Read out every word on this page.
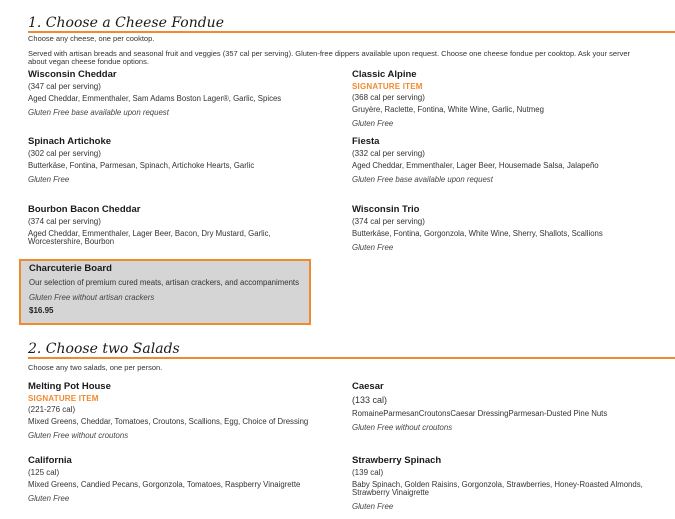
1. Choose a Cheese Fondue
Choose any cheese, one per cooktop.
Served with artisan breads and seasonal fruit and veggies (357 cal per serving). Gluten-free dippers available upon request. Choose one cheese fondue per cooktop. Ask your server about vegan cheese fondue options.
Wisconsin Cheddar
(347 cal per serving)
Aged Cheddar, Emmenthaler, Sam Adams Boston Lager®, Garlic, Spices
Gluten Free base available upon request
Spinach Artichoke
(302 cal per serving)
Butterkäse, Fontina, Parmesan, Spinach, Artichoke Hearts, Garlic
Gluten Free
Bourbon Bacon Cheddar
(374 cal per serving)
Aged Cheddar, Emmenthaler, Lager Beer, Bacon, Dry Mustard, Garlic, Worcestershire, Bourbon
Classic Alpine
SIGNATURE ITEM
(368 cal per serving)
Gruyère, Raclette, Fontina, White Wine, Garlic, Nutmeg
Gluten Free
Fiesta
(332 cal per serving)
Aged Cheddar, Emmenthaler, Lager Beer, Housemade Salsa, Jalapeño
Gluten Free base available upon request
Wisconsin Trio
(374 cal per serving)
Butterkäse, Fontina, Gorgonzola, White Wine, Sherry, Shallots, Scallions
Gluten Free
Charcuterie Board
Our selection of premium cured meats, artisan crackers, and accompaniments
Gluten Free without artisan crackers
$16.95
2. Choose two Salads
Choose any two salads, one per person.
Melting Pot House
SIGNATURE ITEM
(221-276 cal)
Mixed Greens, Cheddar, Tomatoes, Croutons, Scallions, Egg, Choice of Dressing
Gluten Free without croutons
Caesar
(133 cal)
RomaineParmesanCroutonsCaesar DressingParmesan-Dusted Pine Nuts
Gluten Free without croutons
California
(125 cal)
Mixed Greens, Candied Pecans, Gorgonzola, Tomatoes, Raspberry Vinaigrette
Gluten Free
Strawberry Spinach
(139 cal)
Baby Spinach, Golden Raisins, Gorgonzola, Strawberries, Honey-Roasted Almonds, Strawberry Vinaigrette
Gluten Free
